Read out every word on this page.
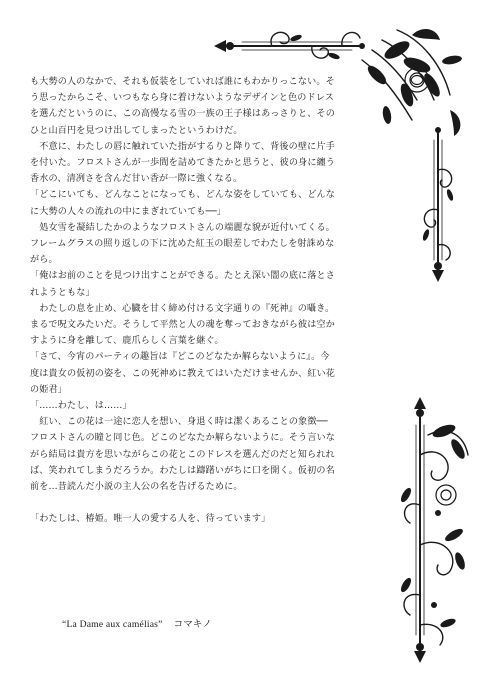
も大勢の人のなかで、それも仮装をしていれば誰にもわかりっこない。そ

う思ったからこそ、いつもなら身に着けないようなデザインと色のドレス

を選んだというのに、この高慢なる雪の一族の王子様はあっさりと、その

ひと山百円を見つけ出してしまったというわけだ。

　不意に、わたしの唇に触れていた指がするりと降りて、背後の壁に片手

を付いた。フロストさんが一歩間を詰めてきたかと思うと、彼の身に纏う

香水の、清冽さを含んだ甘い香が一際に強くなる。

「どこにいても、どんなことになっても、どんな姿をしていても、どんな

に大勢の人々の流れの中にまぎれていても──」

　処女雪を凝結したかのようなフロストさんの端麗な貌が近付いてくる。

フレームグラスの照り返しの下に沈めた紅玉の眼差しでわたしを射誅めな

がら。

「俺はお前のことを見つけ出すことができる。たとえ深い闇の底に落とさ

れようともな」

　わたしの息を止め、心臓を甘く締め付ける文字通りの『死神』の囁き。

まるで呪文みたいだ。そうして平然と人の魂を奪っておきながら彼は空か

すように身を離して、鹿爪らしく言葉を継ぐ。

「さて、今宵のパーティの趣旨は『どこのどなたか解らないように』。今

度は貴女の仮初の姿を、この死神めに教えてはいただけませんか、紅い花

の姫君」

「……わたし、は……」

　紅い、この花は一途に恋人を想い、身退く時は潔くあることの象徴──

フロストさんの瞳と同じ色。どこのどなたか解らないように。そう言いな

がら結局は貴方を思いながらこの花とこのドレスを選んだのだと知られれ

ば、笑われてしまうだろうか。わたしは躊躇いがちに口を開く。仮初の名

前を…昔読んだ小説の主人公の名を告げるために。

「わたしは、椿姫。唯一人の愛する人を、待っています」

“La Dame aux camélias” コマキノ
